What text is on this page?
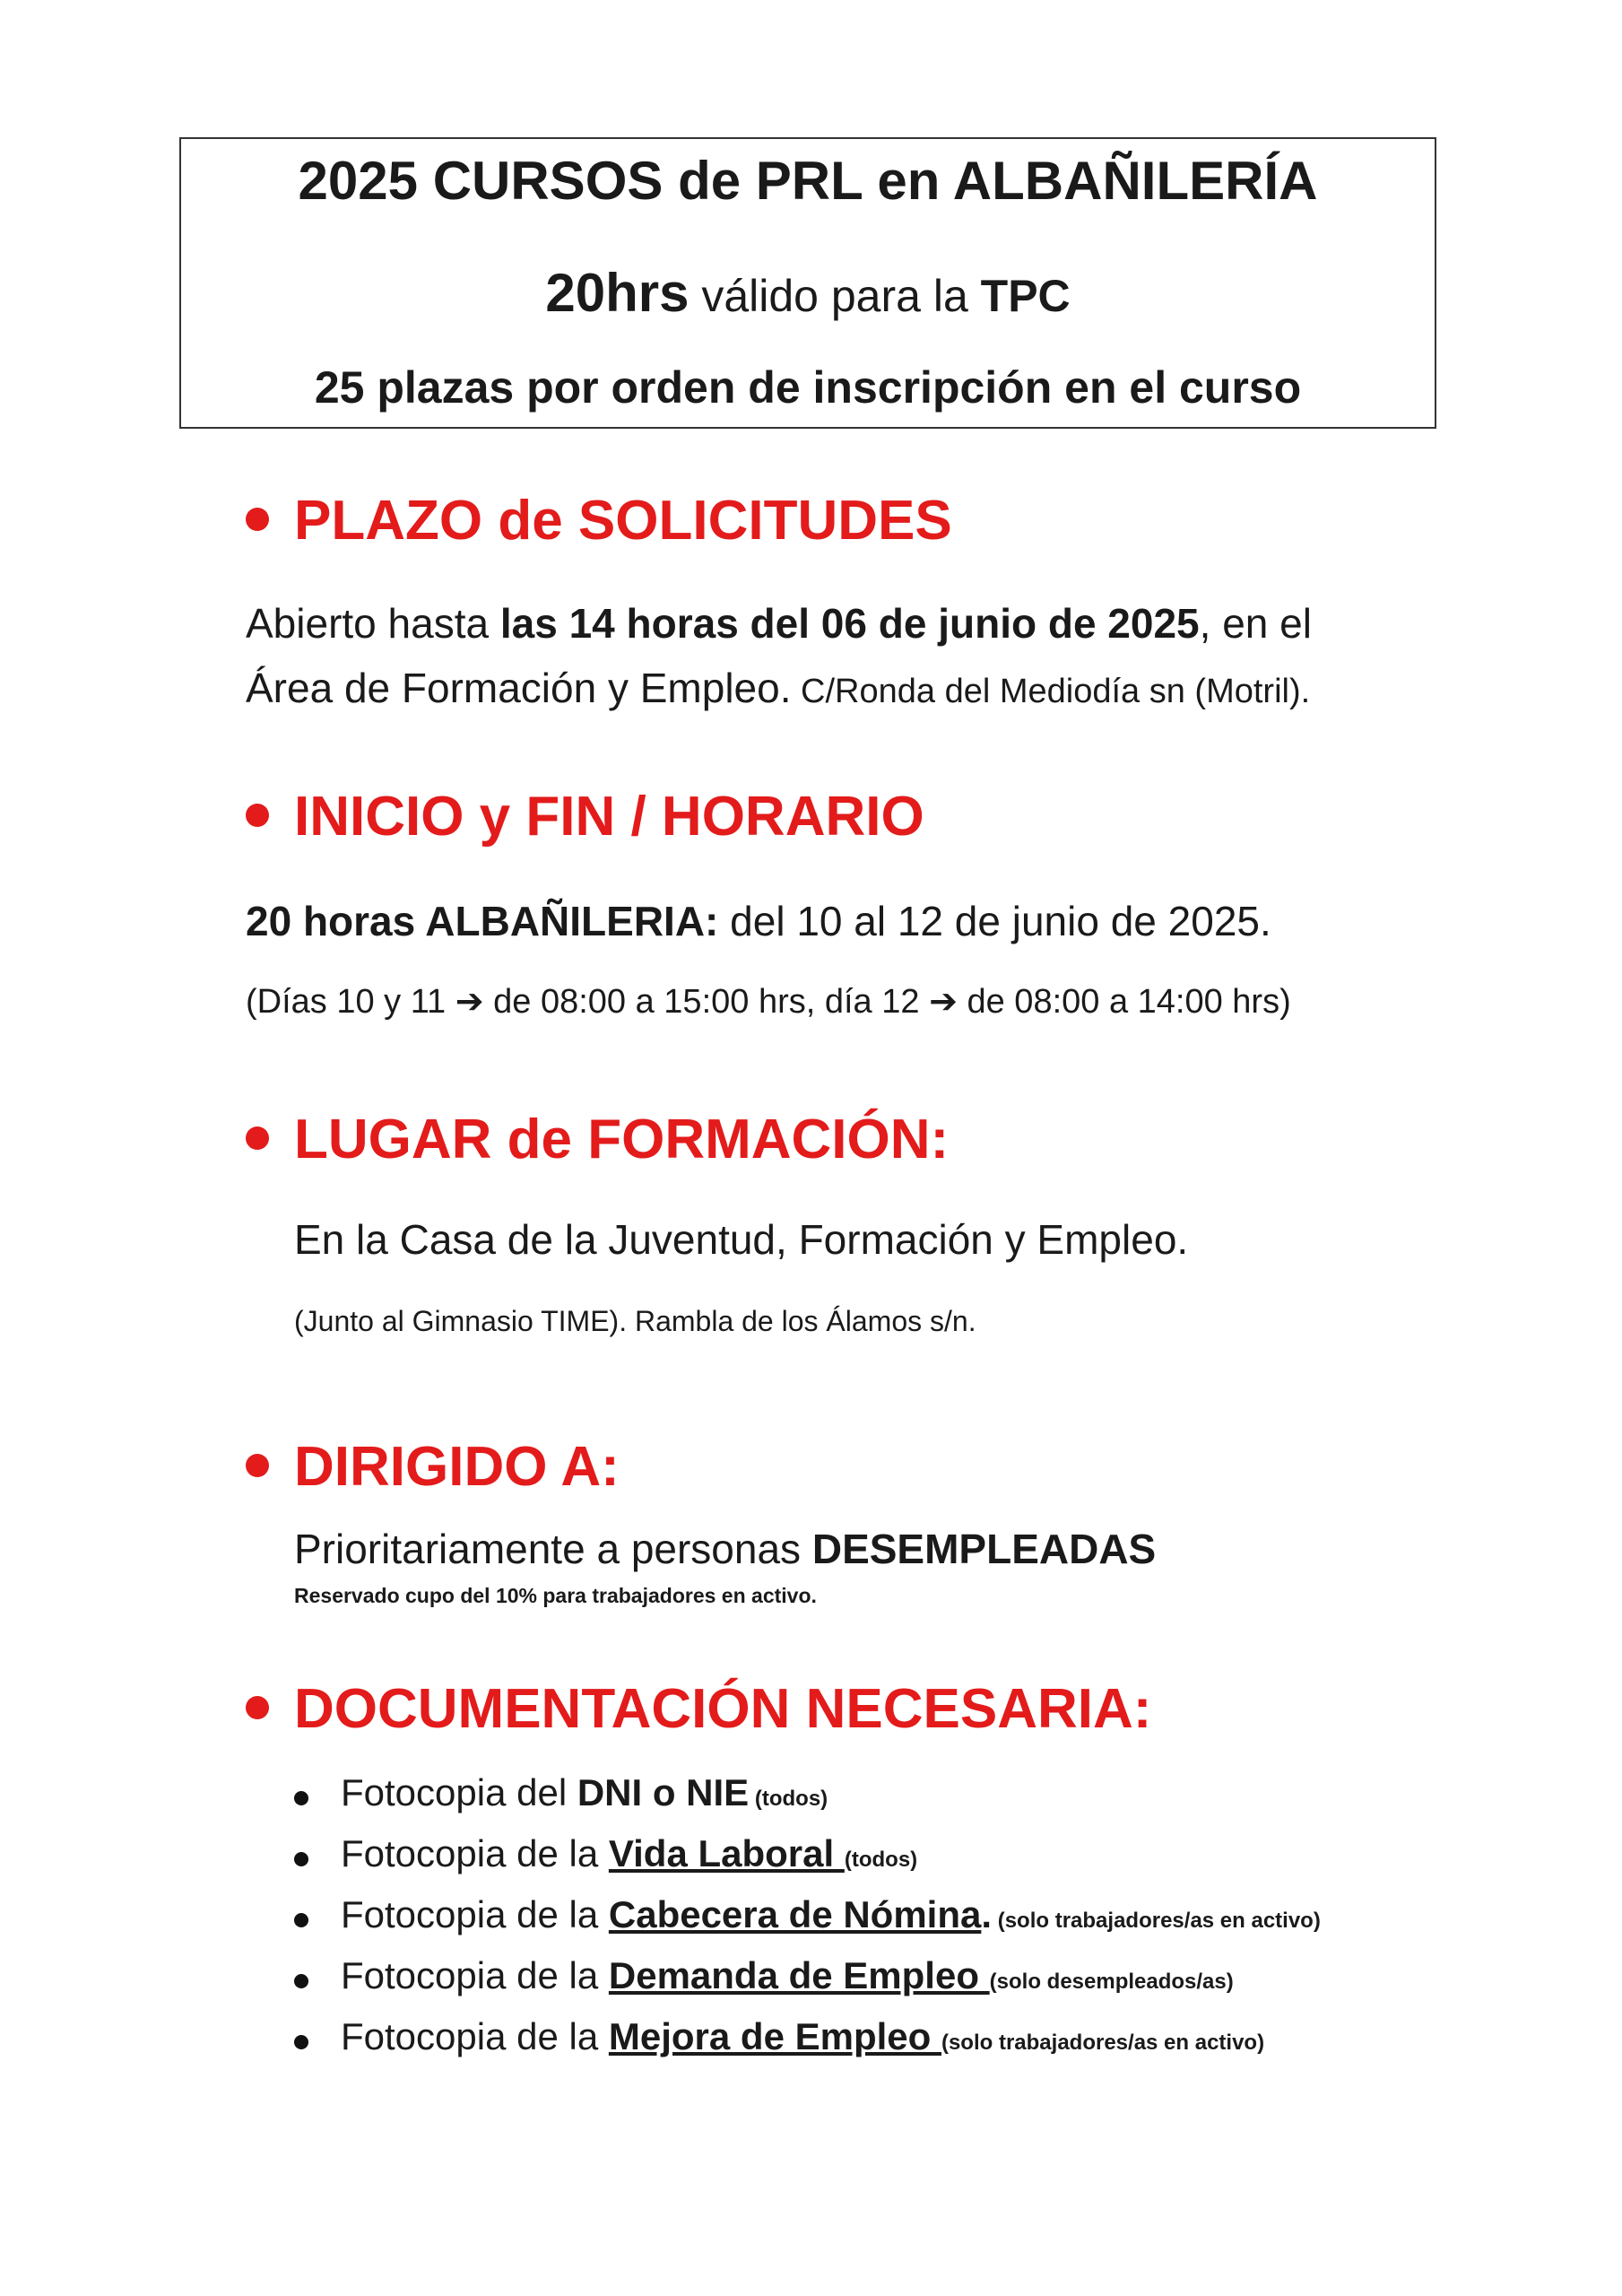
2025 CURSOS de PRL en ALBAÑILERÍA
20hrs válido para la TPC
25 plazas por orden de inscripción en el curso
PLAZO de SOLICITUDES
Abierto hasta las 14 horas del 06 de junio de 2025, en el
Área de Formación y Empleo. C/Ronda del Mediodía sn (Motril).
INICIO y FIN / HORARIO
20 horas ALBAÑILERIA: del 10 al 12 de junio de 2025.
(Días 10 y 11 ➔ de 08:00 a 15:00 hrs, día 12 ➔ de 08:00 a 14:00 hrs)
LUGAR de FORMACIÓN:
En la Casa de la Juventud, Formación y Empleo.
(Junto al Gimnasio TIME). Rambla de los Álamos s/n.
DIRIGIDO A:
Prioritariamente a personas DESEMPLEADAS
Reservado cupo del 10% para trabajadores en activo.
DOCUMENTACIÓN NECESARIA:
Fotocopia del DNI o NIE (todos)
Fotocopia de la Vida Laboral (todos)
Fotocopia de la Cabecera de Nómina. (solo trabajadores/as en activo)
Fotocopia de la Demanda de Empleo (solo desempleados/as)
Fotocopia de la Mejora de Empleo (solo trabajadores/as en activo)
